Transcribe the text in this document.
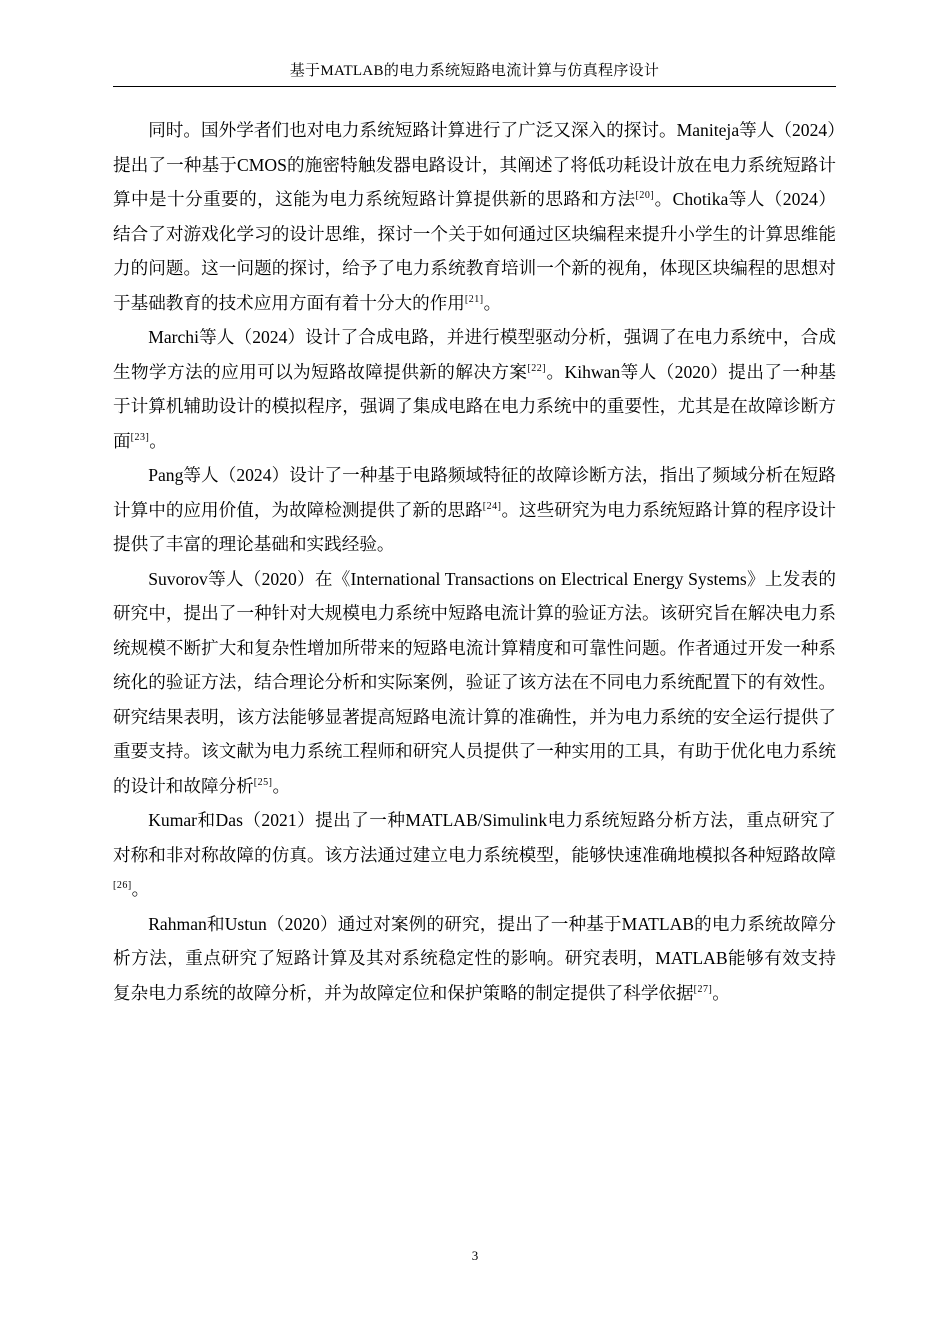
基于MATLAB的电力系统短路电流计算与仿真程序设计

同时。国外学者们也对电力系统短路计算进行了广泛又深入的探讨。Maniteja等人（2024）提出了一种基于CMOS的施密特触发器电路设计，其阐述了将低功耗设计放在电力系统短路计算中是十分重要的，这能为电力系统短路计算提供新的思路和方法[20]。Chotika等人（2024）结合了对游戏化学习的设计思维，探讨一个关于如何通过区块编程来提升小学生的计算思维能力的问题。这一问题的探讨，给予了电力系统教育培训一个新的视角，体现区块编程的思想对于基础教育的技术应用方面有着十分大的作用[21]。

Marchi等人（2024）设计了合成电路，并进行模型驱动分析，强调了在电力系统中，合成生物学方法的应用可以为短路故障提供新的解决方案[22]。Kihwan等人（2020）提出了一种基于计算机辅助设计的模拟程序，强调了集成电路在电力系统中的重要性，尤其是在故障诊断方面[23]。

Pang等人（2024）设计了一种基于电路频域特征的故障诊断方法，指出了频域分析在短路计算中的应用价值，为故障检测提供了新的思路[24]。这些研究为电力系统短路计算的程序设计提供了丰富的理论基础和实践经验。

Suvorov等人（2020）在《International Transactions on Electrical Energy Systems》上发表的研究中，提出了一种针对大规模电力系统中短路电流计算的验证方法。该研究旨在解决电力系统规模不断扩大和复杂性增加所带来的短路电流计算精度和可靠性问题。作者通过开发一种系统化的验证方法，结合理论分析和实际案例，验证了该方法在不同电力系统配置下的有效性。研究结果表明，该方法能够显著提高短路电流计算的准确性，并为电力系统的安全运行提供了重要支持。该文献为电力系统工程师和研究人员提供了一种实用的工具，有助于优化电力系统的设计和故障分析[25]。

Kumar和Das（2021）提出了一种MATLAB/Simulink电力系统短路分析方法，重点研究了对称和非对称故障的仿真。该方法通过建立电力系统模型，能够快速准确地模拟各种短路故障[26]。

Rahman和Ustun（2020）通过对案例的研究，提出了一种基于MATLAB的电力系统故障分析方法，重点研究了短路计算及其对系统稳定性的影响。研究表明，MATLAB能够有效支持复杂电力系统的故障分析，并为故障定位和保护策略的制定提供了科学依据[27]。

3
